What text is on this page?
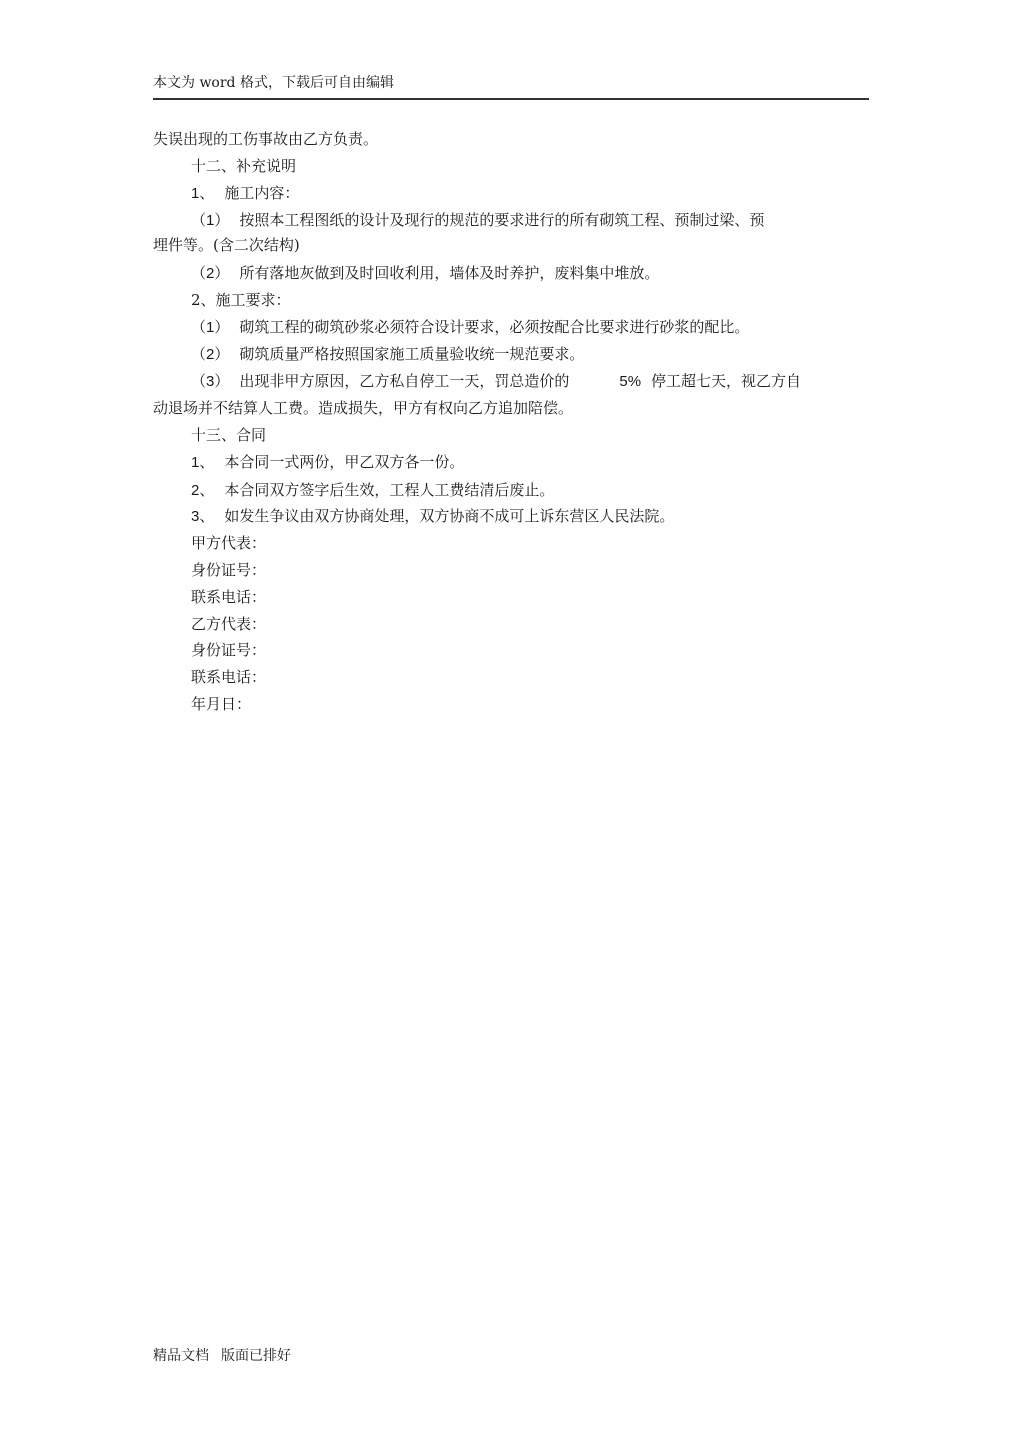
本文为 word 格式，下载后可自由编辑
失误出现的工伤事故由乙方负责。
十二、补充说明
1、 施工内容：
（1） 按照本工程图纸的设计及现行的规范的要求进行的所有砌筑工程、预制过梁、预
埋件等。(含二次结构)
（2） 所有落地灰做到及时回收利用，墙体及时养护，废料集中堆放。
2、施工要求：
（1） 砌筑工程的砌筑砂浆必须符合设计要求，必须按配合比要求进行砂浆的配比。
（2） 砌筑质量严格按照国家施工质量验收统一规范要求。
（3） 出现非甲方原因，乙方私自停工一天，罚总造价的	5% 停工超七天，视乙方自
动退场并不结算人工费。造成损失，甲方有权向乙方追加陪偿。
十三、合同
1、 本合同一式两份，甲乙双方各一份。
2、 本合同双方签字后生效，工程人工费结清后废止。
3、 如发生争议由双方协商处理，双方协商不成可上诉东营区人民法院。
甲方代表：
身份证号：
联系电话：
乙方代表：
身份证号：
联系电话：
年月日：
精品文档 版面已排好
